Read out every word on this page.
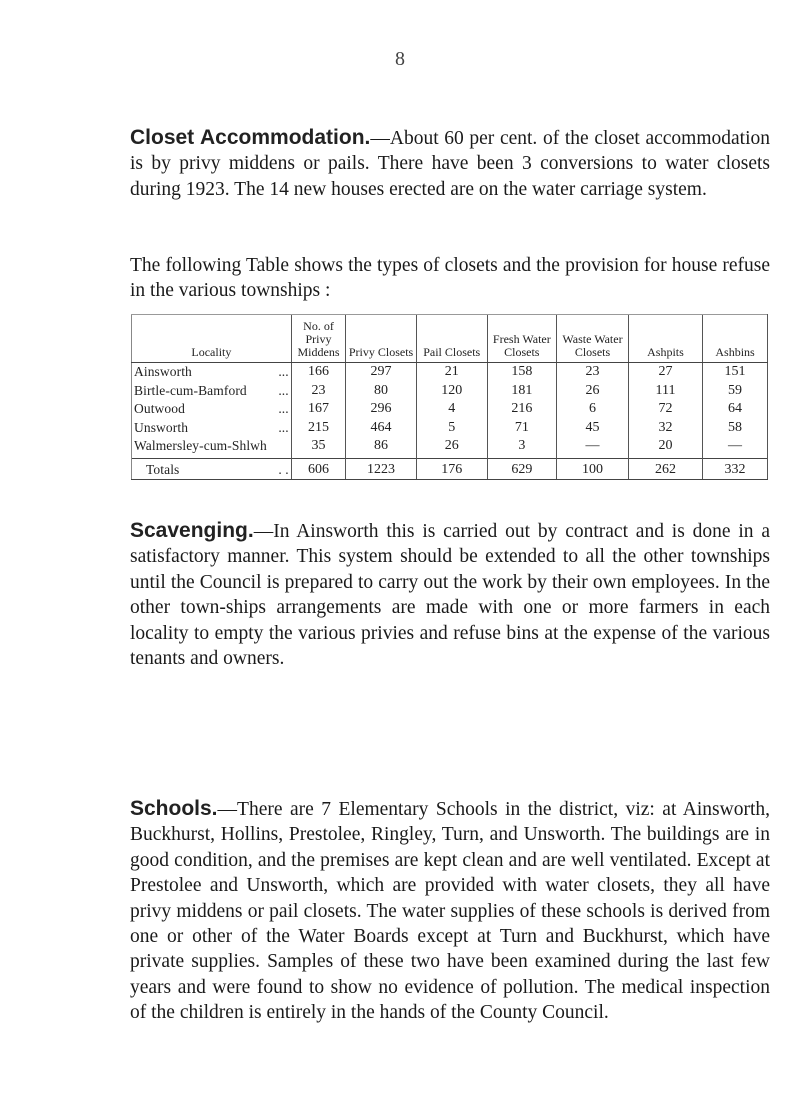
8

Closet Accommodation.—About 60 per cent. of the closet accommodation is by privy middens or pails. There have been 3 conversions to water closets during 1923. The 14 new houses erected are on the water carriage system.

The following Table shows the types of closets and the provision for house refuse in the various townships :

Locality	No. of Privy Middens	Privy Closets	Pail Closets	Fresh Water Closets	Waste Water Closets	Ashpits	Ashbins
Ainsworth ...	166	297	21	158	23	27	151
Birtle-cum-Bamford ...	23	80	120	181	26	111	59
Outwood ...	167	296	4	216	6	72	64
Unsworth ...	215	464	5	71	45	32	58
Walmersley-cum-Shlwh	35	86	26	3	—	20	—
Totals . .	606	1223	176	629	100	262	332

Scavenging.—In Ainsworth this is carried out by contract and is done in a satisfactory manner. This system should be extended to all the other townships until the Council is prepared to carry out the work by their own employees. In the other town-ships arrangements are made with one or more farmers in each locality to empty the various privies and refuse bins at the expense of the various tenants and owners.

Schools.—There are 7 Elementary Schools in the district, viz: at Ainsworth, Buckhurst, Hollins, Prestolee, Ringley, Turn, and Unsworth. The buildings are in good condition, and the premises are kept clean and are well ventilated. Except at Prestolee and Unsworth, which are provided with water closets, they all have privy middens or pail closets. The water supplies of these schools is derived from one or other of the Water Boards except at Turn and Buckhurst, which have private supplies. Samples of these two have been examined during the last few years and were found to show no evidence of pollution. The medical inspection of the children is entirely in the hands of the County Council.
